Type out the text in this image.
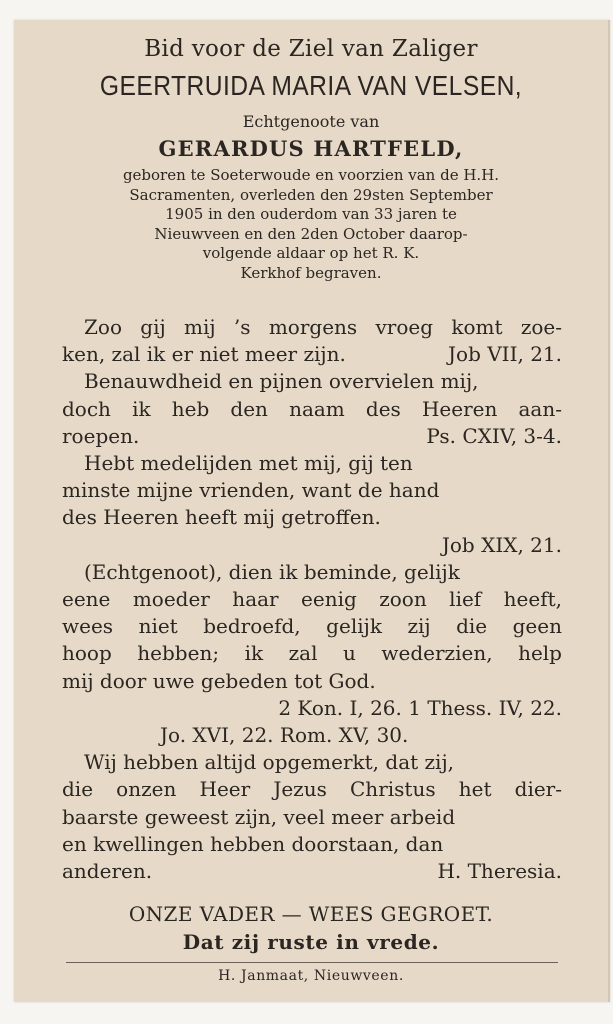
Bid voor de Ziel van Zaliger
GEERTRUIDA MARIA VAN VELSEN,
Echtgenoote van
GERARDUS HARTFELD,
geboren te Soeterwoude en voorzien van de H.H.
Sacramenten, overleden den 29sten September
1905 in den ouderdom van 33 jaren te
Nieuwveen en den 2den October daarop-
volgende aldaar op het R. K.
Kerkhof begraven.
Zoo gij mij ’s morgens vroeg komt zoe-
ken, zal ik er niet meer zijn.	Job VII, 21.
Benauwdheid en pijnen overvielen mij,
doch ik heb den naam des Heeren aan-
roepen.	Ps. CXIV, 3-4.
Hebt medelijden met mij, gij ten
minste mijne vrienden, want de hand
des Heeren heeft mij getroffen.
Job XIX, 21.
(Echtgenoot), dien ik beminde, gelijk
eene moeder haar eenig zoon lief heeft,
wees niet bedroefd, gelijk zij die geen
hoop hebben; ik zal u wederzien, help
mij door uwe gebeden tot God.
2 Kon. I, 26. 1 Thess. IV, 22.
Jo. XVI, 22. Rom. XV, 30.
Wij hebben altijd opgemerkt, dat zij,
die onzen Heer Jezus Christus het dier-
baarste geweest zijn, veel meer arbeid
en kwellingen hebben doorstaan, dan
anderen.	H. Theresia.
ONZE VADER — WEES GEGROET.
Dat zij ruste in vrede.
H. Janmaat, Nieuwveen.
